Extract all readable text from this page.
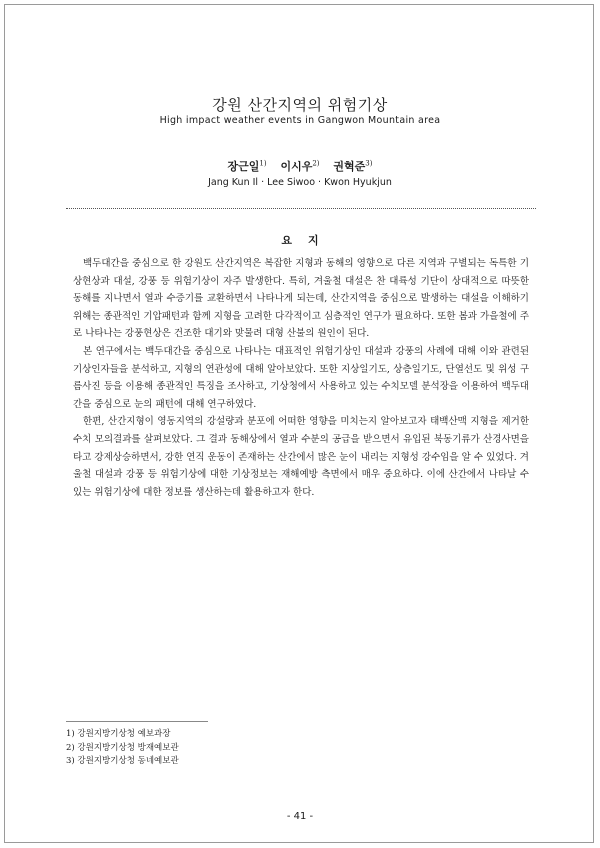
강원 산간지역의 위험기상
High impact weather events in Gangwon Mountain area
장근일$^{1)}$ 이시우$^{2)}$ 권혁준$^{3)}$
Jang Kun Il · Lee Siwoo · Kwon Hyukjun
요지

백두대간을 중심으로 한 강원도 산간지역은 복잡한 지형과 동해의 영향으로 다른 지역과 구별되는 독특한 기상현상과 대설, 강풍 등 위험기상이 자주 발생한다. 특히, 겨울철 대설은 찬 대륙성 기단이 상대적으로 따뜻한 동해를 지나면서 열과 수증기를 교환하면서 나타나게 되는데, 산간지역을 중심으로 발생하는 대설을 이해하기 위해는 종관적인 기압패턴과 함께 지형을 고려한 다각적이고 심층적인 연구가 필요하다. 또한 봄과 가을철에 주로 나타나는 강풍현상은 건조한 대기와 맞물려 대형 산불의 원인이 된다.

본 연구에서는 백두대간을 중심으로 나타나는 대표적인 위험기상인 대설과 강풍의 사례에 대해 이와 관련된 기상인자들을 분석하고, 지형의 연관성에 대해 알아보았다. 또한 지상일기도, 상층일기도, 단열선도 및 위성 구름사진 등을 이용해 종관적인 특징을 조사하고, 기상청에서 사용하고 있는 수치모델 분석장을 이용하여 백두대간을 중심으로 눈의 패턴에 대해 연구하였다.

한편, 산간지형이 영동지역의 강설량과 분포에 어떠한 영향을 미치는지 알아보고자 태백산맥 지형을 제거한 수치 모의결과를 살펴보았다. 그 결과 동해상에서 열과 수분의 공급을 받으면서 유입된 북동기류가 산경사면을 타고 강제상승하면서, 강한 연직 운동이 존재하는 산간에서 많은 눈이 내리는 지형성 강수임을 알 수 있었다. 겨울철 대설과 강풍 등 위험기상에 대한 기상정보는 재해예방 측면에서 매우 중요하다. 이에 산간에서 나타날 수 있는 위험기상에 대한 정보를 생산하는데 활용하고자 한다.

1) 강원지방기상청 예보과장
2) 강원지방기상청 방재예보관
3) 강원지방기상청 동네예보관
- 41 -
